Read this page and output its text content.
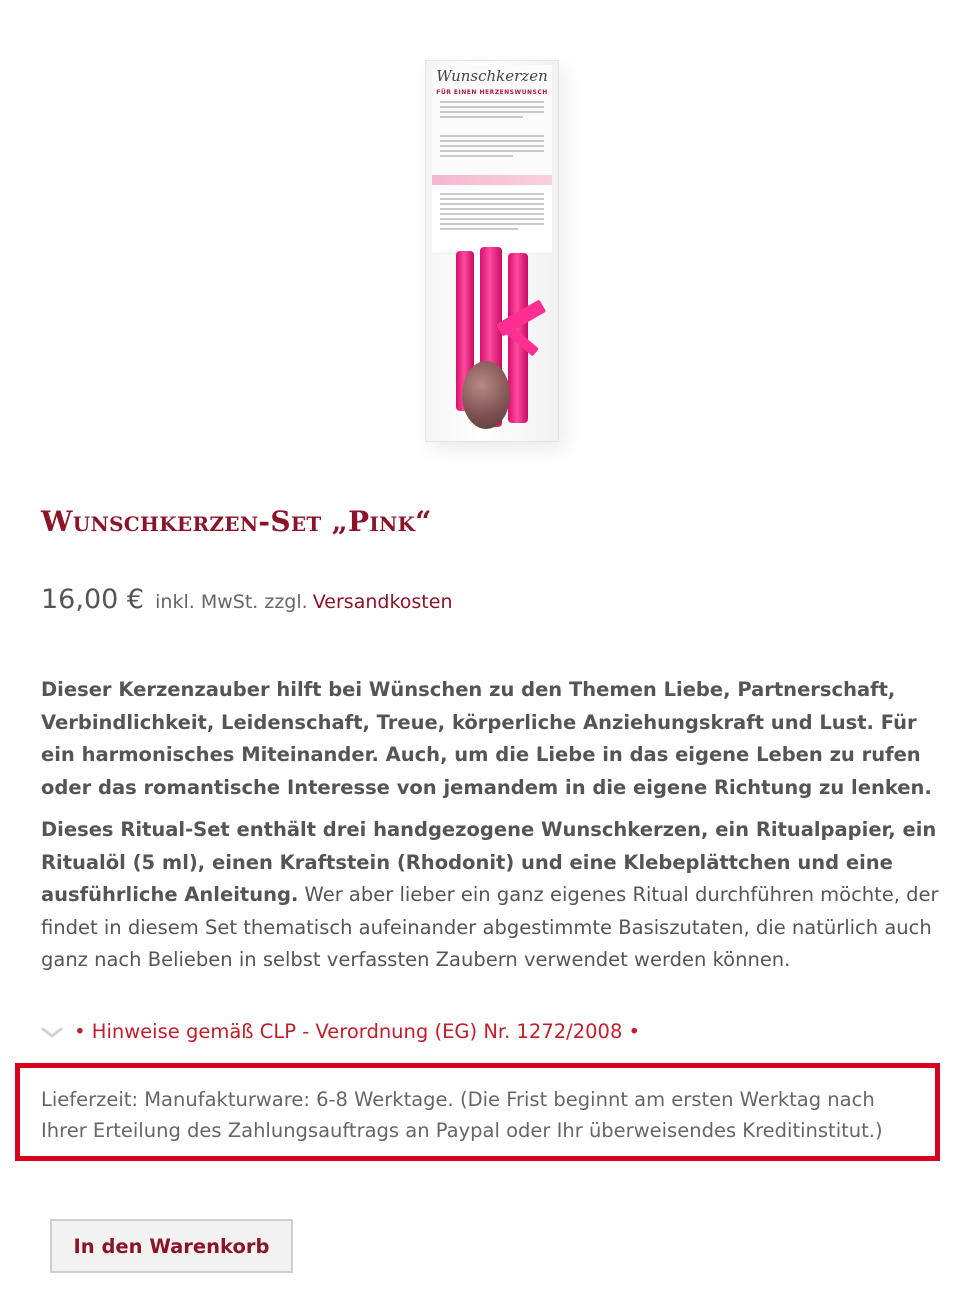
Wunschkerzen
FÜR EINEN HERZENSWUNSCH
Wunschkerzen-Set „Pink“
16,00 € inkl. MwSt. zzgl. Versandkosten

Dieser Kerzenzauber hilft bei Wünschen zu den Themen Liebe, Partnerschaft, Verbindlichkeit, Leidenschaft, Treue, körperliche Anziehungskraft und Lust. Für ein harmonisches Miteinander. Auch, um die Liebe in das eigene Leben zu rufen oder das romantische Interesse von jemandem in die eigene Richtung zu lenken.

Dieses Ritual-Set enthält drei handgezogene Wunschkerzen, ein Ritualpapier, ein Ritualöl (5 ml), einen Kraftstein (Rhodonit) und eine Klebeplättchen und eine ausführliche Anleitung. Wer aber lieber ein ganz eigenes Ritual durchführen möchte, der findet in diesem Set thematisch aufeinander abgestimmte Basiszutaten, die natürlich auch ganz nach Belieben in selbst verfassten Zaubern verwendet werden können.

• Hinweise gemäß CLP - Verordnung (EG) Nr. 1272/2008 •
Lieferzeit: Manufakturware: 6-8 Werktage. (Die Frist beginnt am ersten Werktag nach Ihrer Erteilung des Zahlungsauftrags an Paypal oder Ihr überweisendes Kreditinstitut.)
In den Warenkorb
